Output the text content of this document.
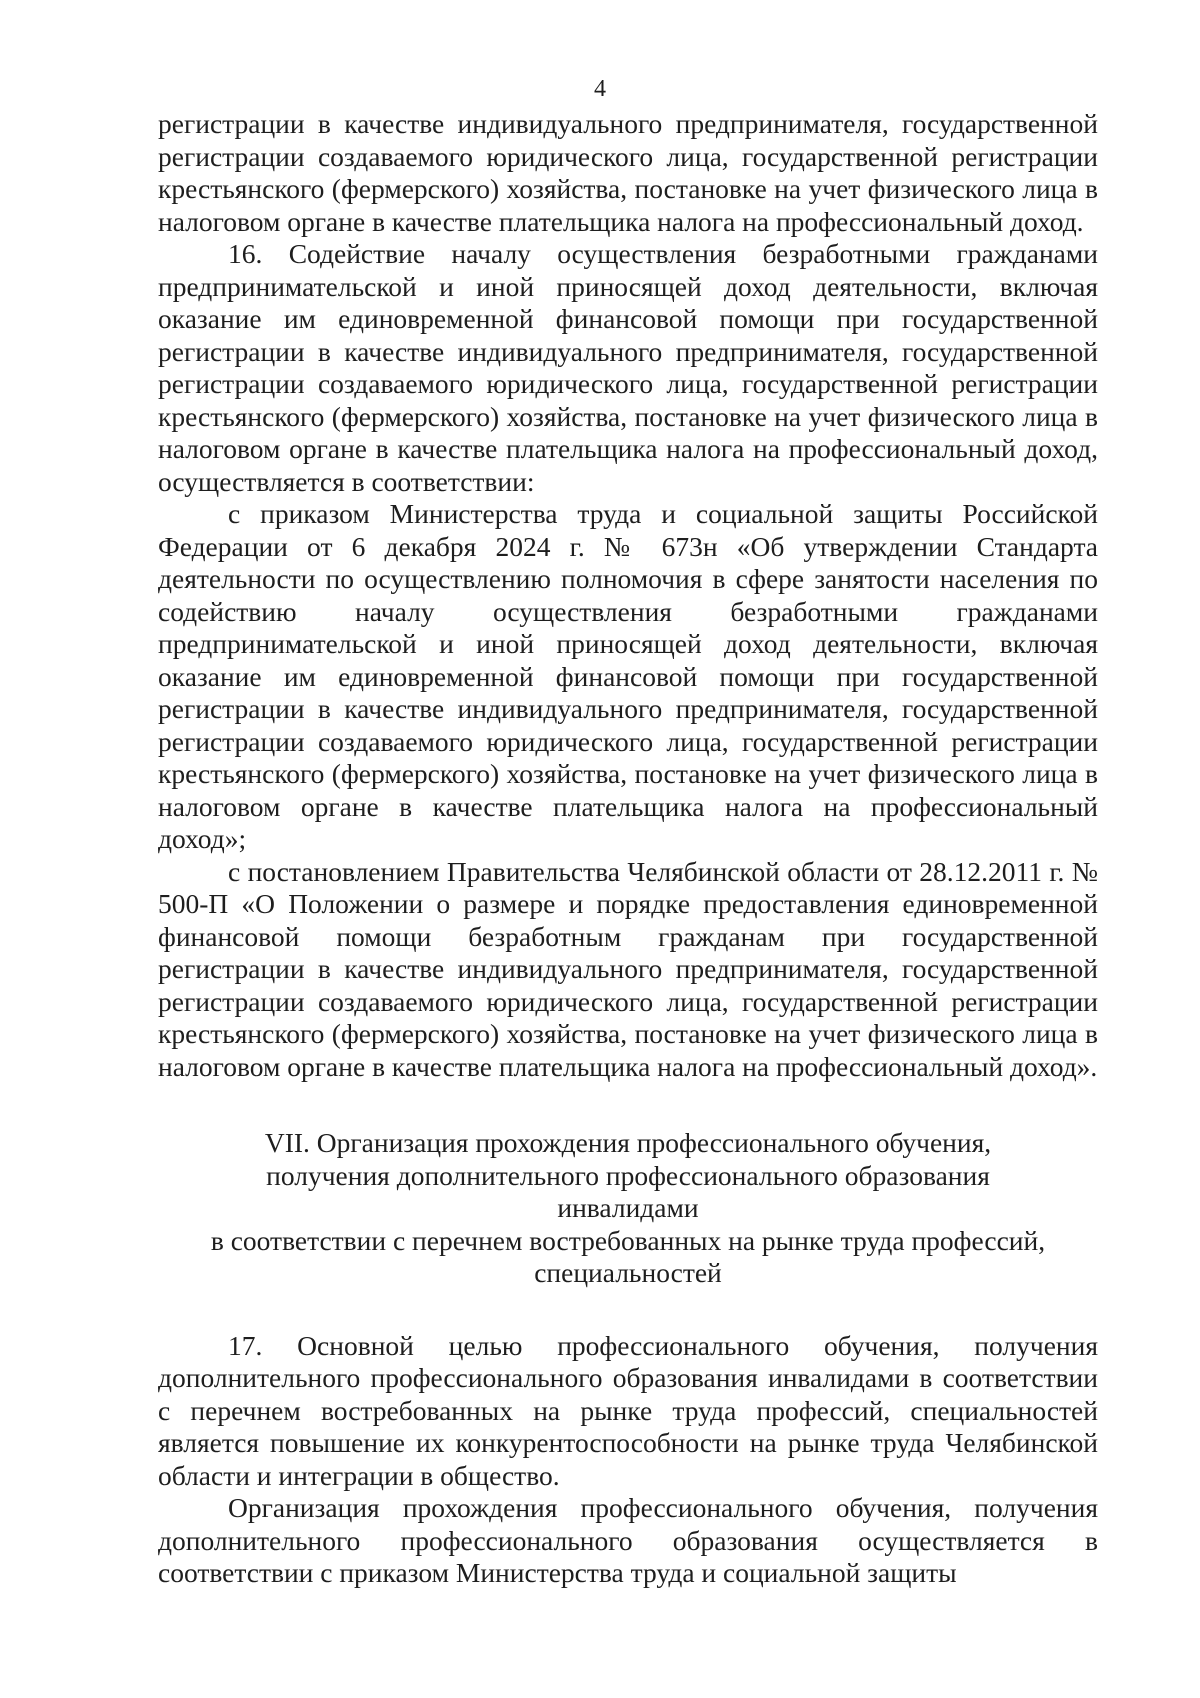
4

регистрации в качестве индивидуального предпринимателя, государственной регистрации создаваемого юридического лица, государственной регистрации крестьянского (фермерского) хозяйства, постановке на учет физического лица в налоговом органе в качестве плательщика налога на профессиональный доход.

16. Содействие началу осуществления безработными гражданами предпринимательской и иной приносящей доход деятельности, включая оказание им единовременной финансовой помощи при государственной регистрации в качестве индивидуального предпринимателя, государственной регистрации создаваемого юридического лица, государственной регистрации крестьянского (фермерского) хозяйства, постановке на учет физического лица в налоговом органе в качестве плательщика налога на профессиональный доход, осуществляется в соответствии:

с приказом Министерства труда и социальной защиты Российской Федерации от 6 декабря 2024 г. № 673н «Об утверждении Стандарта деятельности по осуществлению полномочия в сфере занятости населения по содействию началу осуществления безработными гражданами предпринимательской и иной приносящей доход деятельности, включая оказание им единовременной финансовой помощи при государственной регистрации в качестве индивидуального предпринимателя, государственной регистрации создаваемого юридического лица, государственной регистрации крестьянского (фермерского) хозяйства, постановке на учет физического лица в налоговом органе в качестве плательщика налога на профессиональный доход»;

с постановлением Правительства Челябинской области от 28.12.2011 г. № 500-П «О Положении о размере и порядке предоставления единовременной финансовой помощи безработным гражданам при государственной регистрации в качестве индивидуального предпринимателя, государственной регистрации создаваемого юридического лица, государственной регистрации крестьянского (фермерского) хозяйства, постановке на учет физического лица в налоговом органе в качестве плательщика налога на профессиональный доход».

VII. Организация прохождения профессионального обучения,
получения дополнительного профессионального образования инвалидами
в соответствии с перечнем востребованных на рынке труда профессий,
специальностей

17. Основной целью профессионального обучения, получения дополнительного профессионального образования инвалидами в соответствии с перечнем востребованных на рынке труда профессий, специальностей является повышение их конкурентоспособности на рынке труда Челябинской области и интеграции в общество.

Организация прохождения профессионального обучения, получения дополнительного профессионального образования осуществляется в соответствии с приказом Министерства труда и социальной защиты
